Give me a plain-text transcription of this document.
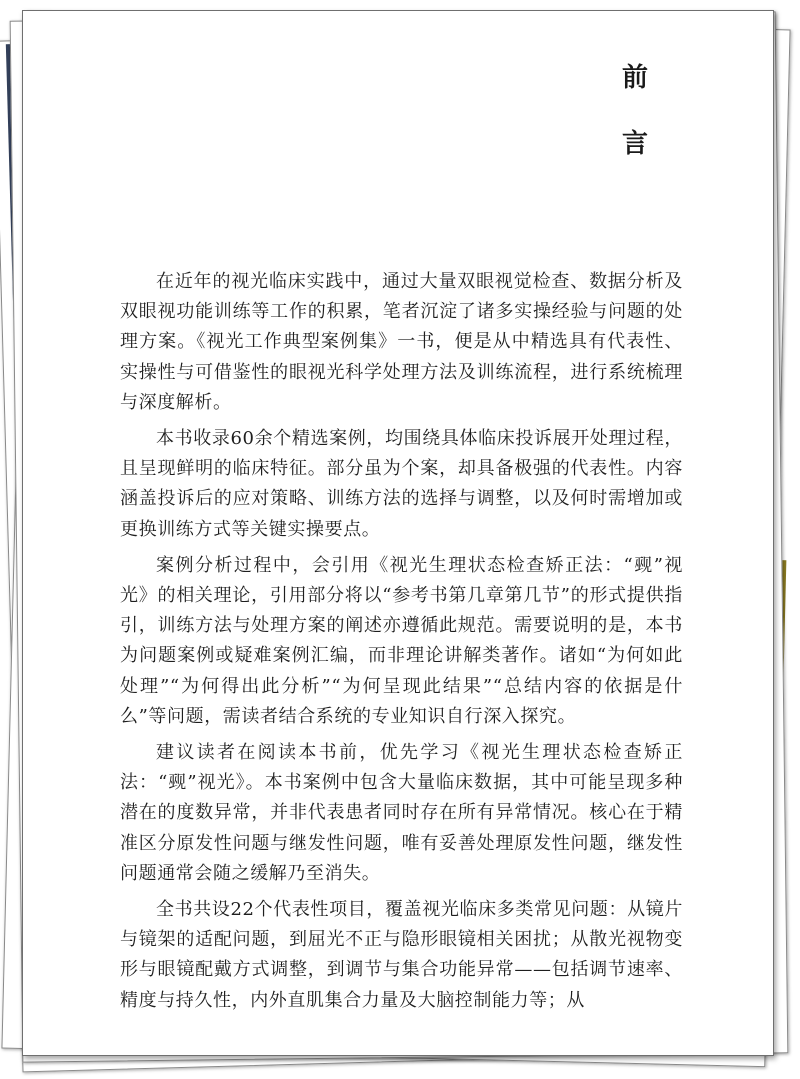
前
言

在近年的视光临床实践中，通过大量双眼视觉检查、数据分析及双眼视功能训练等工作的积累，笔者沉淀了诸多实操经验与问题的处理方案。《视光工作典型案例集》一书，便是从中精选具有代表性、实操性与可借鉴性的眼视光科学处理方法及训练流程，进行系统梳理与深度解析。

本书收录60余个精选案例，均围绕具体临床投诉展开处理过程，且呈现鲜明的临床特征。部分虽为个案，却具备极强的代表性。内容涵盖投诉后的应对策略、训练方法的选择与调整，以及何时需增加或更换训练方式等关键实操要点。

案例分析过程中，会引用《视光生理状态检查矫正法：“觋”视光》的相关理论，引用部分将以“参考书第几章第几节”的形式提供指引，训练方法与处理方案的阐述亦遵循此规范。需要说明的是，本书为问题案例或疑难案例汇编，而非理论讲解类著作。诸如“为何如此处理”“为何得出此分析”“为何呈现此结果”“总结内容的依据是什么”等问题，需读者结合系统的专业知识自行深入探究。

建议读者在阅读本书前，优先学习《视光生理状态检查矫正法：“觋”视光》。本书案例中包含大量临床数据，其中可能呈现多种潜在的度数异常，并非代表患者同时存在所有异常情况。核心在于精准区分原发性问题与继发性问题，唯有妥善处理原发性问题，继发性问题通常会随之缓解乃至消失。

全书共设22个代表性项目，覆盖视光临床多类常见问题：从镜片与镜架的适配问题，到屈光不正与隐形眼镜相关困扰；从散光视物变形与眼镜配戴方式调整，到调节与集合功能异常——包括调节速率、精度与持久性，内外直肌集合力量及大脑控制能力等；从
